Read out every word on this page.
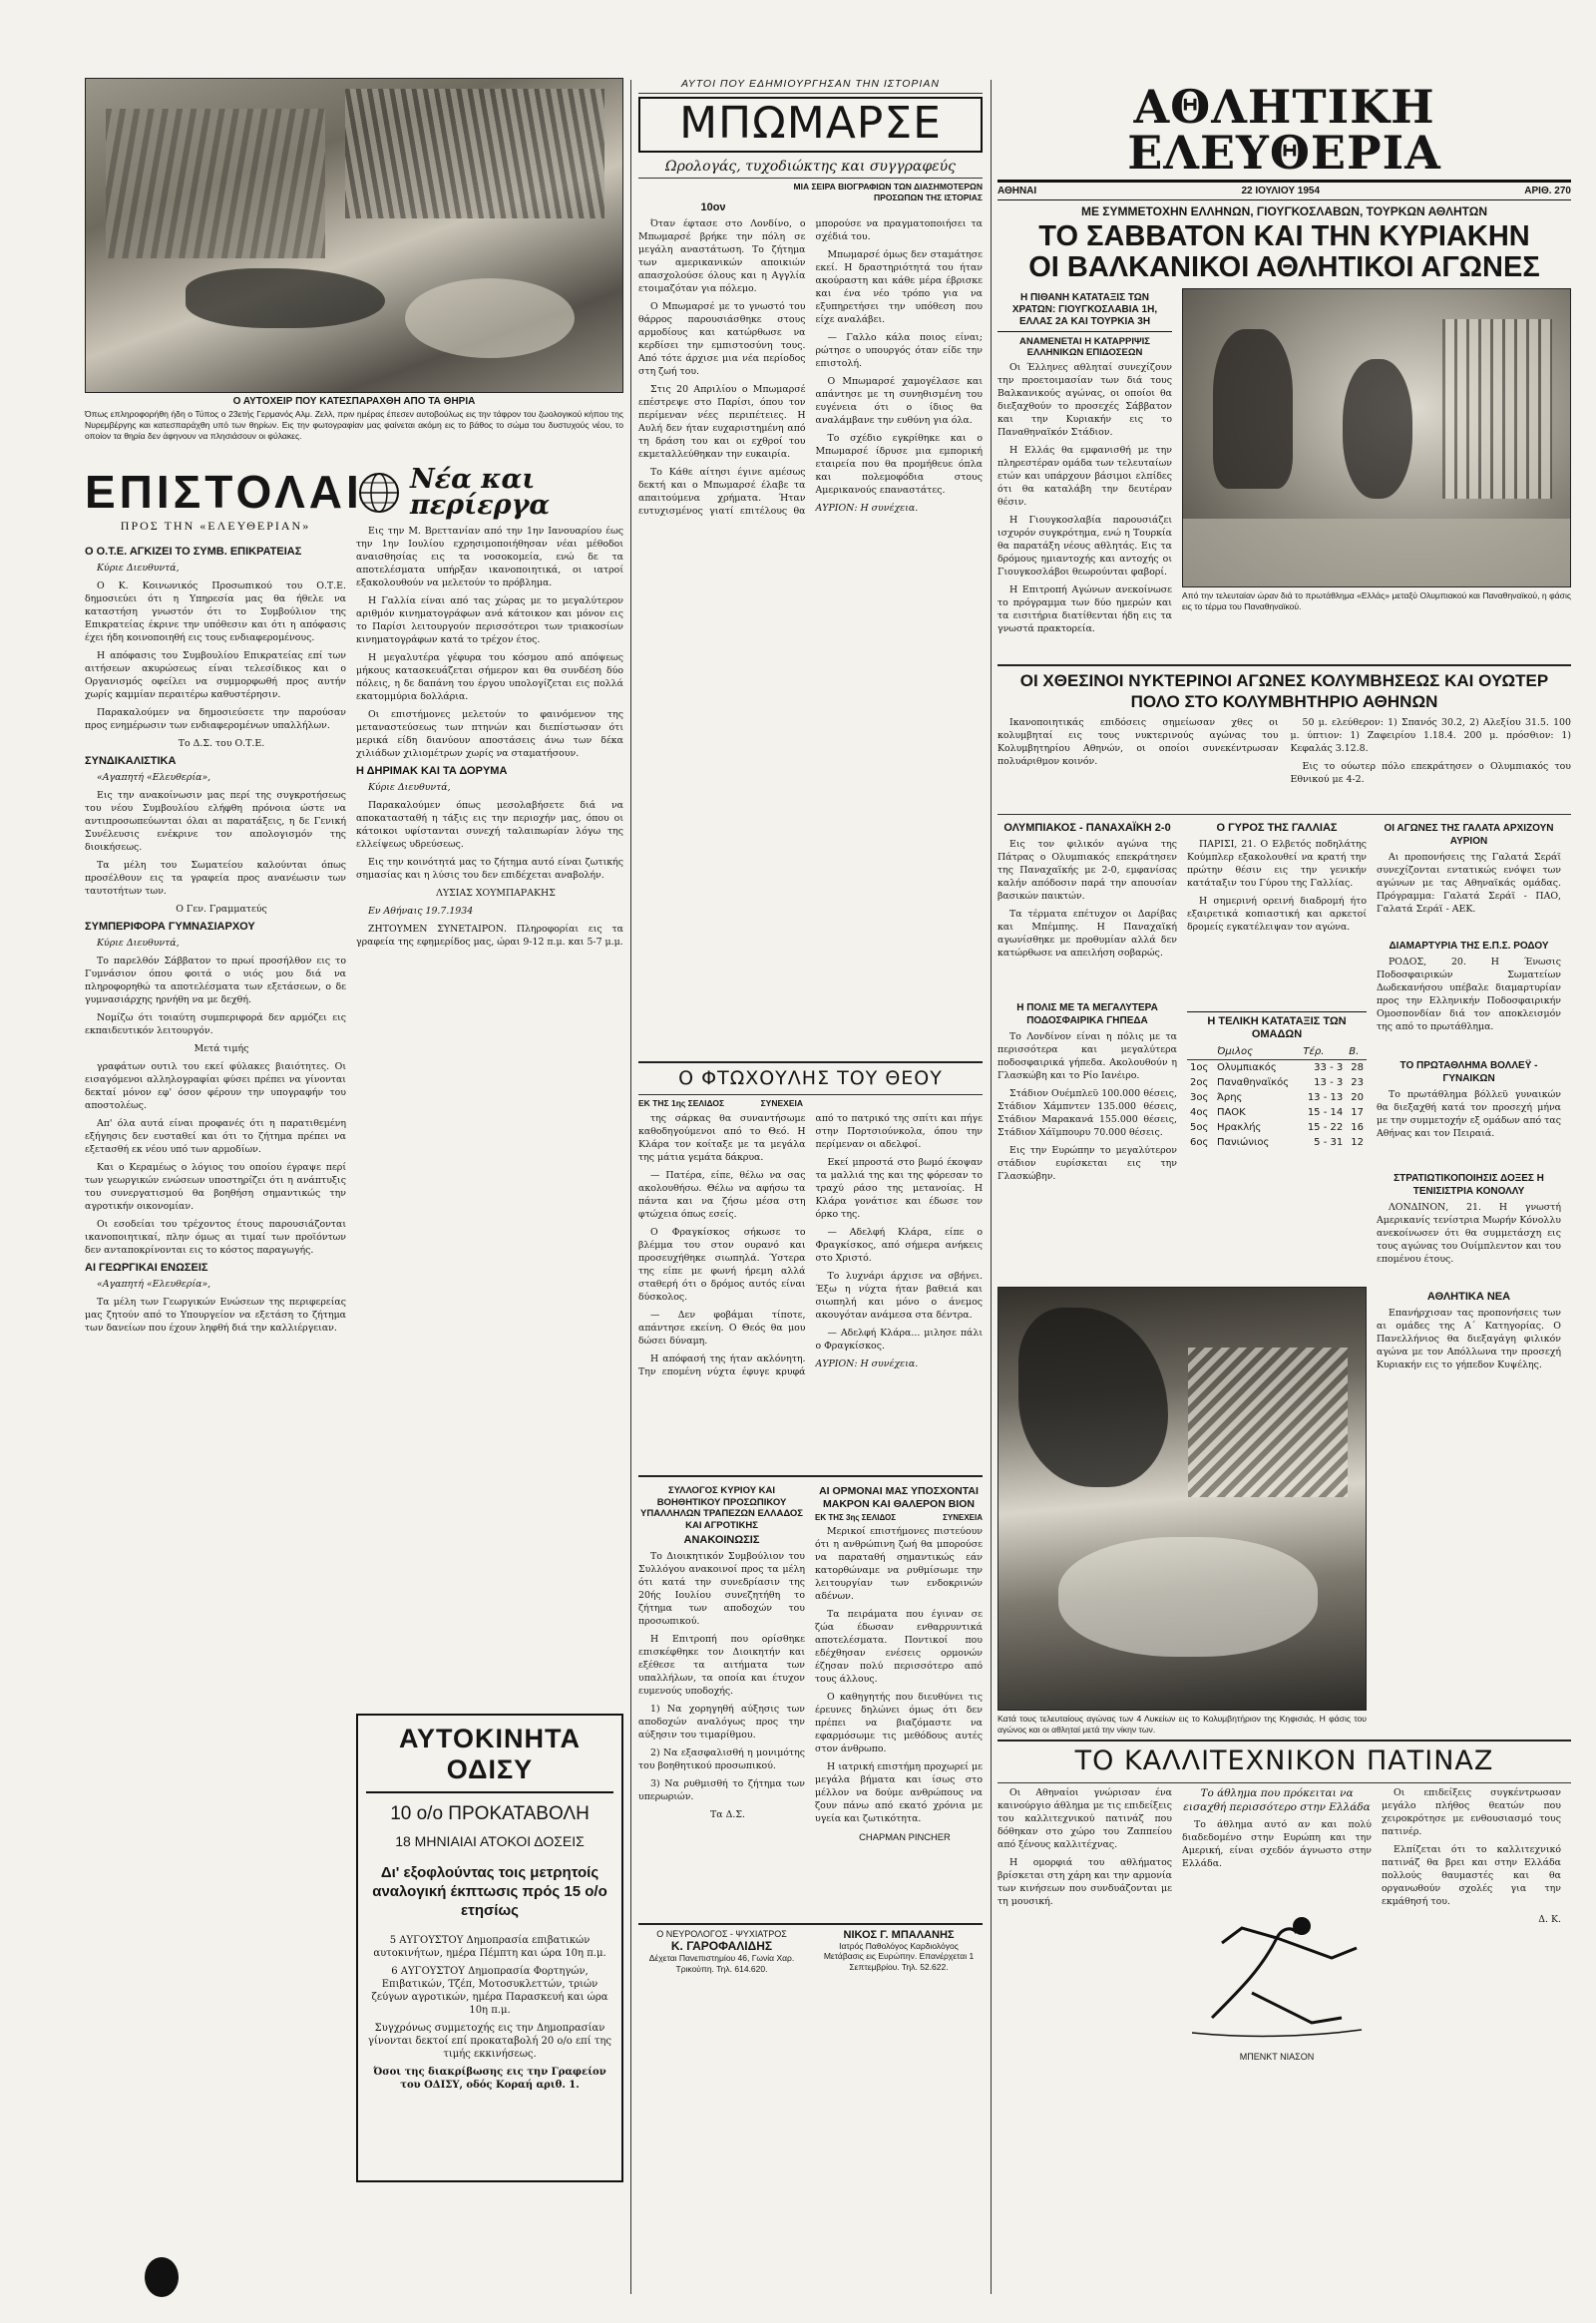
Ο ΑΥΤΟΧΕΙΡ ΠΟΥ ΚΑΤΕΣΠΑΡΑΧΘΗ ΑΠΟ ΤΑ ΘΗΡΙΑ
Όπως επληροφορήθη ήδη ο Τύπος ο 23ετής Γερμανός Αλμ. Ζελλ, πριν ημέρας έπεσεν αυτοβούλως εις την τάφρον του ζωολογικού κήπου της Νυρεμβέργης και κατεσπαράχθη υπό των θηρίων. Εις την φωτογραφίαν μας φαίνεται ακόμη εις το βάθος το σώμα του δυστυχούς νέου, το οποίον τα θηρία δεν άφηνουν να πλησιάσουν οι φύλακες.
Νέα και
περίεργα

Εις την Μ. Βρεττανίαν από την 1ην Ιανουαρίου έως την 1ην Ιουλίου εχρησιμοποιήθησαν νέαι μέθοδοι αναισθησίας εις τα νοσοκομεία, ενώ δε τα αποτελέσματα υπήρξαν ικανοποιητικά, οι ιατροί εξακολουθούν να μελετούν το πρόβλημα.

Η Γαλλία είναι από τας χώρας με το μεγαλύτερον αριθμόν κινηματογράφων ανά κάτοικον και μόνον εις το Παρίσι λειτουργούν περισσότεροι των τριακοσίων κινηματογράφων κατά το τρέχον έτος.

Η μεγαλυτέρα γέφυρα του κόσμου από απόψεως μήκους κατασκευάζεται σήμερον και θα συνδέση δύο πόλεις, η δε δαπάνη του έργου υπολογίζεται εις πολλά εκατομμύρια δολλάρια.

Οι επιστήμονες μελετούν το φαινόμενον της μεταναστεύσεως των πτηνών και διεπίστωσαν ότι μερικά είδη διανύουν αποστάσεις άνω των δέκα χιλιάδων χιλιομέτρων χωρίς να σταματήσουν.

Η ΔΗΡΙΜΑΚ ΚΑΙ ΤΑ ΔΟΡΥΜΑ

Κύριε Διευθυντά,

Παρακαλούμεν όπως μεσολαβήσετε διά να αποκατασταθή η τάξις εις την περιοχήν μας, όπου οι κάτοικοι υφίστανται συνεχή ταλαιπωρίαν λόγω της ελλείψεως υδρεύσεως.

Εις την κοινότητά μας το ζήτημα αυτό είναι ζωτικής σημασίας και η λύσις του δεν επιδέχεται αναβολήν.

ΛΥΣΙΑΣ ΧΟΥΜΠΑΡΑΚΗΣ

Εν Αθήναις 19.7.1934

ΖΗΤΟΥΜΕΝ ΣΥΝΕΤΑΙΡΟΝ. Πληροφορίαι εις τα γραφεία της εφημερίδος μας, ώραι 9-12 π.μ. και 5-7 μ.μ.

ΕΠΙΣΤΟΛΑΙ
ΠΡΟΣ ΤΗΝ «ΕΛΕΥΘΕΡΙΑΝ»
Ο Ο.Τ.Ε. ΑΓΚΙΖΕΙ ΤΟ ΣΥΜΒ. ΕΠΙΚΡΑΤΕΙΑΣ

Κύριε Διευθυντά,

Ο Κ. Κοινωνικός Προσωπικού του Ο.Τ.Ε. δημοσιεύει ότι η Υπηρεσία μας θα ήθελε να καταστήση γνωστόν ότι το Συμβούλιον της Επικρατείας έκρινε την υπόθεσιν και ότι η απόφασις έχει ήδη κοινοποιηθή εις τους ενδιαφερομένους.

Η απόφασις του Συμβουλίου Επικρατείας επί των αιτήσεων ακυρώσεως είναι τελεσίδικος και ο Οργανισμός οφείλει να συμμορφωθή προς αυτήν χωρίς καμμίαν περαιτέρω καθυστέρησιν.

Παρακαλούμεν να δημοσιεύσετε την παρούσαν προς ενημέρωσιν των ενδιαφερομένων υπαλλήλων.

Το Δ.Σ. του Ο.Τ.Ε.

ΣΥΝΔΙΚΑΛΙΣΤΙΚΑ

«Αγαπητή «Ελευθερία»,

Εις την ανακοίνωσιν μας περί της συγκροτήσεως του νέου Συμβουλίου ελήφθη πρόνοια ώστε να αντιπροσωπεύωνται όλαι αι παρατάξεις, η δε Γενική Συνέλευσις ενέκρινε τον απολογισμόν της διοικήσεως.

Τα μέλη του Σωματείου καλούνται όπως προσέλθουν εις τα γραφεία προς ανανέωσιν των ταυτοτήτων των.

Ο Γεν. Γραμματεύς

ΣΥΜΠΕΡΙΦΟΡΑ ΓΥΜΝΑΣΙΑΡΧΟΥ

Κύριε Διευθυντά,

Το παρελθόν Σάββατον το πρωί προσήλθον εις το Γυμνάσιον όπου φοιτά ο υιός μου διά να πληροφορηθώ τα αποτελέσματα των εξετάσεων, ο δε γυμνασιάρχης ηρνήθη να με δεχθή.

Νομίζω ότι τοιαύτη συμπεριφορά δεν αρμόζει εις εκπαιδευτικόν λειτουργόν.

Μετά τιμής

γραφάτων ουτιλ του εκεί φύλακες βιαιότητες. Οι εισαγόμενοι αλληλογραφίαι φύσει πρέπει να γίνονται δεκταί μόνον εφ' όσον φέρουν την υπογραφήν του αποστολέως.

Απ' όλα αυτά είναι προφανές ότι η παρατιθεμένη εξήγησις δεν ευσταθεί και ότι το ζήτημα πρέπει να εξετασθή εκ νέου υπό των αρμοδίων.

Και ο Κεραμέως ο λόγιος του οποίου έγραψε περί των γεωργικών ενώσεων υποστηρίζει ότι η ανάπτυξις του συνεργατισμού θα βοηθήση σημαντικώς την αγροτικήν οικονομίαν.

Οι εσοδείαι του τρέχοντος έτους παρουσιάζονται ικανοποιητικαί, πλην όμως αι τιμαί των προϊόντων δεν ανταποκρίνονται εις το κόστος παραγωγής.

ΑΙ ΓΕΩΡΓΙΚΑΙ ΕΝΩΣΕΙΣ

«Αγαπητή «Ελευθερία»,

Τα μέλη των Γεωργικών Ενώσεων της περιφερείας μας ζητούν από το Υπουργείον να εξετάση το ζήτημα των δανείων που έχουν ληφθή διά την καλλιέργειαν.

ΑΥΤΟΚΙΝΗΤΑ ΟΔΙΣΥ
10 ο/ο ΠΡΟΚΑΤΑΒΟΛΗ
18 ΜΗΝΙΑΙΑΙ ΑΤΟΚΟΙ ΔΟΣΕΙΣ
Δι' εξοφλούντας τοις μετρητοίς αναλογική έκπτωσις πρός 15 ο/ο ετησίως

5 ΑΥΓΟΥΣΤΟΥ Δημοπρασία επιβατικών αυτοκινήτων, ημέρα Πέμπτη και ώρα 10η π.μ.

6 ΑΥΓΟΥΣΤΟΥ Δημοπρασία Φορτηγών, Επιβατικών, Τζέπ, Μοτοσυκλεττών, τριών ζεύγων αγροτικών, ημέρα Παρασκευή και ώρα 10η π.μ.

Συγχρόνως συμμετοχής εις την Δημοπρασίαν γίνονται δεκτοί επί προκαταβολή 20 ο/ο επί της τιμής εκκινήσεως.

Όσοι της διακρίβωσης εις την Γραφείον του ΟΔΙΣΥ, οδός Κοραή αριθ. 1.

ΑΥΤΟΙ ΠΟΥ ΕΔΗΜΙΟΥΡΓΗΣΑΝ ΤΗΝ ΙΣΤΟΡΙΑΝ
ΜΠΩΜΑΡΣΕ
Ωρολογάς, τυχοδιώκτης και συγγραφεύς
ΜΙΑ ΣΕΙΡΑ ΒΙΟΓΡΑΦΙΩΝ ΤΩΝ ΔΙΑΣΗΜΟΤΕΡΩΝ ΠΡΟΣΩΠΩΝ ΤΗΣ ΙΣΤΟΡΙΑΣ
10ον

Όταν έφτασε στο Λονδίνο, ο Μπωμαρσέ βρήκε την πόλη σε μεγάλη αναστάτωση. Το ζήτημα των αμερικανικών αποικιών απασχολούσε όλους και η Αγγλία ετοιμαζόταν για πόλεμο.

Ο Μπωμαρσέ με το γνωστό του θάρρος παρουσιάσθηκε στους αρμοδίους και κατώρθωσε να κερδίσει την εμπιστοσύνη τους. Από τότε άρχισε μια νέα περίοδος στη ζωή του.

Στις 20 Απριλίου ο Μπωμαρσέ επέστρεψε στο Παρίσι, όπου τον περίμεναν νέες περιπέτειες. Η Αυλή δεν ήταν ευχαριστημένη από τη δράση του και οι εχθροί του εκμεταλλεύθηκαν την ευκαιρία.

Το Κάθε αίτησι έγινε αμέσως δεκτή και ο Μπωμαρσέ έλαβε τα απαιτούμενα χρήματα. Ήταν ευτυχισμένος γιατί επιτέλους θα μπορούσε να πραγματοποιήσει τα σχέδιά του.

Μπωμαρσέ όμως δεν σταμάτησε εκεί. Η δραστηριότητά του ήταν ακούραστη και κάθε μέρα έβρισκε και ένα νέο τρόπο για να εξυπηρετήσει την υπόθεση που είχε αναλάβει.

— Γαλλο κάλα ποιος είναι; ρώτησε ο υπουργός όταν είδε την επιστολή.

Ο Μπωμαρσέ χαμογέλασε και απάντησε με τη συνηθισμένη του ευγένεια ότι ο ίδιος θα αναλάμβανε την ευθύνη για όλα.

Το σχέδιο εγκρίθηκε και ο Μπωμαρσέ ίδρυσε μια εμπορική εταιρεία που θα προμήθευε όπλα και πολεμοφόδια στους Αμερικανούς επαναστάτες.

ΑΥΡΙΟΝ: Η συνέχεια.

Ο ΦΤΩΧΟΥΛΗΣ ΤΟΥ ΘΕΟΥ
ΕΚ ΤΗΣ 1ης ΣΕΛΙΔΟΣ	ΣΥΝΕΧΕΙΑ

της σάρκας θα συναντήσωμε καθοδηγούμενοι από το Θεό. Η Κλάρα τον κοίταξε με τα μεγάλα της μάτια γεμάτα δάκρυα.

— Πατέρα, είπε, θέλω να σας ακολουθήσω. Θέλω να αφήσω τα πάντα και να ζήσω μέσα στη φτώχεια όπως εσείς.

Ο Φραγκίσκος σήκωσε το βλέμμα του στον ουρανό και προσευχήθηκε σιωπηλά. Ύστερα της είπε με φωνή ήρεμη αλλά σταθερή ότι ο δρόμος αυτός είναι δύσκολος.

— Δεν φοβάμαι τίποτε, απάντησε εκείνη. Ο Θεός θα μου δώσει δύναμη.

Η απόφασή της ήταν ακλόνητη. Την επομένη νύχτα έφυγε κρυφά από το πατρικό της σπίτι και πήγε στην Πορτσιούνκολα, όπου την περίμεναν οι αδελφοί.

Εκεί μπροστά στο βωμό έκοψαν τα μαλλιά της και της φόρεσαν το τραχύ ράσο της μετανοίας. Η Κλάρα γονάτισε και έδωσε τον όρκο της.

— Αδελφή Κλάρα, είπε ο Φραγκίσκος, από σήμερα ανήκεις στο Χριστό.

Το λυχνάρι άρχισε να σβήνει. Έξω η νύχτα ήταν βαθειά και σιωπηλή και μόνο ο άνεμος ακουγόταν ανάμεσα στα δέντρα.

— Αδελφή Κλάρα... μιλησε πάλι ο Φραγκίσκος.

ΑΥΡΙΟΝ: Η συνέχεια.

ΣΥΛΛΟΓΟΣ ΚΥΡΙΟΥ ΚΑΙ ΒΟΗΘΗΤΙΚΟΥ ΠΡΟΣΩΠΙΚΟΥ ΥΠΑΛΛΗΛΩΝ ΤΡΑΠΕΖΩΝ ΕΛΛΑΔΟΣ ΚΑΙ ΑΓΡΟΤΙΚΗΣ
ΑΝΑΚΟΙΝΩΣΙΣ

Το Διοικητικόν Συμβούλιον του Συλλόγου ανακοινοί προς τα μέλη ότι κατά την συνεδρίασιν της 20ής Ιουλίου συνεζητήθη το ζήτημα των αποδοχών του προσωπικού.

Η Επιτροπή που ορίσθηκε επισκέφθηκε τον Διοικητήν και εξέθεσε τα αιτήματα των υπαλλήλων, τα οποία και έτυχον ευμενούς υποδοχής.

1) Να χορηγηθή αύξησις των αποδοχών αναλόγως προς την αύξησιν του τιμαρίθμου.

2) Να εξασφαλισθή η μονιμότης του βοηθητικού προσωπικού.

3) Να ρυθμισθή το ζήτημα των υπερωριών.

Τα Δ.Σ.

ΑΙ ΟΡΜΟΝΑΙ ΜΑΣ ΥΠΟΣΧΟΝΤΑΙ ΜΑΚΡΟΝ ΚΑΙ ΘΑΛΕΡΟΝ ΒΙΟΝ
ΕΚ ΤΗΣ 3ης ΣΕΛΙΔΟΣ	ΣΥΝΕΧΕΙΑ

Μερικοί επιστήμονες πιστεύουν ότι η ανθρώπινη ζωή θα μπορούσε να παραταθή σημαντικώς εάν κατορθώναμε να ρυθμίσωμε την λειτουργίαν των ενδοκρινών αδένων.

Τα πειράματα που έγιναν σε ζώα έδωσαν ενθαρρυντικά αποτελέσματα. Ποντικοί που εδέχθησαν ενέσεις ορμονών έζησαν πολύ περισσότερο από τους άλλους.

Ο καθηγητής που διευθύνει τις έρευνες δηλώνει όμως ότι δεν πρέπει να βιαζόμαστε να εφαρμόσωμε τις μεθόδους αυτές στον άνθρωπο.

Η ιατρική επιστήμη προχωρεί με μεγάλα βήματα και ίσως στο μέλλον να δούμε ανθρώπους να ζουν πάνω από εκατό χρόνια με υγεία και ζωτικότητα.

CHAPMAN PINCHER

Ο ΝΕΥΡΟΛΟΓΟΣ - ΨΥΧΙΑΤΡΟΣ
Κ. ΓΑΡΟΦΑΛΙΔΗΣ
Δέχεται Πανεπιστημίου 46, Γωνία Χαρ. Τρικούπη. Τηλ. 614.620.
ΝΙΚΟΣ Γ. ΜΠΑΛΑΝΗΣ
Ιατρός Παθολόγος Καρδιολόγος
Μετάβασις εις Ευρώπην. Επανέρχεται 1 Σεπτεμβρίου. Τηλ. 52.622.
ΑΘΛΗΤΙΚΗ ΕΛΕΥΘΕΡΙΑ
ΑΘΗΝΑΙ	22 ΙΟΥΛΙΟΥ 1954	ΑΡΙΘ. 270
ΜΕ ΣΥΜΜΕΤΟΧΗΝ ΕΛΛΗΝΩΝ, ΓΙΟΥΓΚΟΣΛΑΒΩΝ, ΤΟΥΡΚΩΝ ΑΘΛΗΤΩΝ
ΤΟ ΣΑΒΒΑΤΟΝ ΚΑΙ ΤΗΝ ΚΥΡΙΑΚΗΝ
ΟΙ ΒΑΛΚΑΝΙΚΟΙ ΑΘΛΗΤΙΚΟΙ ΑΓΩΝΕΣ
Η ΠΙΘΑΝΗ ΚΑΤΑΤΑΞΙΣ ΤΩΝ ΧΡΑΤΩΝ: ΓΙΟΥΓΚΟΣΛΑΒΙΑ 1Η, ΕΛΛΑΣ 2Α ΚΑΙ ΤΟΥΡΚΙΑ 3Η
ΑΝΑΜΕΝΕΤΑΙ Η ΚΑΤΑΡΡΙΨΙΣ ΕΛΛΗΝΙΚΩΝ ΕΠΙΔΟΣΕΩΝ

Οι Έλληνες αθληταί συνεχίζουν την προετοιμασίαν των διά τους Βαλκανικούς αγώνας, οι οποίοι θα διεξαχθούν το προσεχές Σάββατον και την Κυριακήν εις το Παναθηναϊκόν Στάδιον.

Η Ελλάς θα εμφανισθή με την πληρεστέραν ομάδα των τελευταίων ετών και υπάρχουν βάσιμοι ελπίδες ότι θα καταλάβη την δευτέραν θέσιν.

Η Γιουγκοσλαβία παρουσιάζει ισχυρόν συγκρότημα, ενώ η Τουρκία θα παρατάξη νέους αθλητάς. Εις τα δρόμους ημιαντοχής και αντοχής οι Γιουγκοσλάβοι θεωρούνται φαβορί.

Η Επιτροπή Αγώνων ανεκοίνωσε το πρόγραμμα των δύο ημερών και τα εισιτήρια διατίθενται ήδη εις τα γνωστά πρακτορεία.

Από την τελευταίαν ώραν διά το πρωτάθλημα «Ελλάς» μεταξύ Ολυμπιακού και Παναθηναϊκού, η φάσις εις το τέρμα του Παναθηναϊκού.
ΟΙ ΧΘΕΣΙΝΟΙ ΝΥΚΤΕΡΙΝΟΙ ΑΓΩΝΕΣ ΚΟΛΥΜΒΗΣΕΩΣ ΚΑΙ ΟΥΩΤΕΡ ΠΟΛΟ ΣΤΟ ΚΟΛΥΜΒΗΤΗΡΙΟ ΑΘΗΝΩΝ

Ικανοποιητικάς επιδόσεις σημείωσαν χθες οι κολυμβηταί εις τους νυκτερινούς αγώνας του Κολυμβητηρίου Αθηνών, οι οποίοι συνεκέντρωσαν πολυάριθμον κοινόν.

50 μ. ελεύθερον: 1) Σπανός 30.2, 2) Αλεξίου 31.5. 100 μ. ύπτιον: 1) Ζαφειρίου 1.18.4. 200 μ. πρόσθιον: 1) Κεφαλάς 3.12.8.

Εις το ούωτερ πόλο επεκράτησεν ο Ολυμπιακός του Εθνικού με 4-2.

ΟΛΥΜΠΙΑΚΟΣ - ΠΑΝΑΧΑΪΚΗ 2-0

Εις τον φιλικόν αγώνα της Πάτρας ο Ολυμπιακός επεκράτησεν της Παναχαϊκής με 2-0, εμφανίσας καλήν απόδοσιν παρά την απουσίαν βασικών παικτών.

Τα τέρματα επέτυχον οι Δαρίβας και Μπέμπης. Η Παναχαϊκή αγωνίσθηκε με προθυμίαν αλλά δεν κατώρθωσε να απειλήση σοβαρώς.

Η ΠΟΛΙΣ ΜΕ ΤΑ ΜΕΓΑΛΥΤΕΡΑ ΠΟΔΟΣΦΑΙΡΙΚΑ ΓΗΠΕΔΑ

Το Λονδίνον είναι η πόλις με τα περισσότερα και μεγαλύτερα ποδοσφαιρικά γήπεδα. Ακολουθούν η Γλασκώβη και το Ρίο Ιανέιρο.

Στάδιον Ουέμπλεϋ 100.000 θέσεις, Στάδιον Χάμπντεν 135.000 θέσεις, Στάδιον Μαρακανά 155.000 θέσεις, Στάδιον Χάϊμπουρυ 70.000 θέσεις.

Εις την Ευρώπην το μεγαλύτερον στάδιον ευρίσκεται εις την Γλασκώβην.

Ο ΓΥΡΟΣ ΤΗΣ ΓΑΛΛΙΑΣ

ΠΑΡΙΣΙ, 21. Ο Ελβετός ποδηλάτης Κούμπλερ εξακολουθεί να κρατή την πρώτην θέσιν εις την γενικήν κατάταξιν του Γύρου της Γαλλίας.

Η σημερινή ορεινή διαδρομή ήτο εξαιρετικά κοπιαστική και αρκετοί δρομείς εγκατέλειψαν τον αγώνα.

Η ΤΕΛΙΚΗ ΚΑΤΑΤΑΞΙΣ ΤΩΝ ΟΜΑΔΩΝ
	Όμιλος	Τέρ.	Β.
1ος	Ολυμπιακός	33 - 3	28
2ος	Παναθηναϊκός	13 - 3	23
3ος	Άρης	13 - 13	20
4ος	ΠΑΟΚ	15 - 14	17
5ος	Ηρακλής	15 - 22	16
6ος	Πανιώνιος	5 - 31	12
ΟΙ ΑΓΩΝΕΣ ΤΗΣ ΓΑΛΑΤΑ ΑΡΧΙΖΟΥΝ ΑΥΡΙΟΝ

Αι προπονήσεις της Γαλατά Σεράϊ συνεχίζονται εντατικώς ενόψει των αγώνων με τας Αθηναϊκάς ομάδας. Πρόγραμμα: Γαλατά Σεράϊ - ΠΑΟ, Γαλατά Σεράϊ - ΑΕΚ.

ΔΙΑΜΑΡΤΥΡΙΑ ΤΗΣ Ε.Π.Σ. ΡΟΔΟΥ

ΡΟΔΟΣ, 20. Η Ένωσις Ποδοσφαιρικών Σωματείων Δωδεκανήσου υπέβαλε διαμαρτυρίαν προς την Ελληνικήν Ποδοσφαιρικήν Ομοσπονδίαν διά τον αποκλεισμόν της από το πρωτάθλημα.

ΤΟ ΠΡΩΤΑΘΛΗΜΑ ΒΟΛΛΕΫ - ΓΥΝΑΙΚΩΝ

Το πρωτάθλημα βόλλεϋ γυναικών θα διεξαχθή κατά τον προσεχή μήνα με την συμμετοχήν εξ ομάδων από τας Αθήνας και τον Πειραιά.

ΣΤΡΑΤΙΩΤΙΚΟΠΟΙΗΣΙΣ ΔΟΞΕΣ Η ΤΕΝΙΣΙΣΤΡΙΑ ΚΟΝΟΛΛΥ

ΛΟΝΔΙΝΟΝ, 21. Η γνωστή Αμερικανίς τενίστρια Μωρήν Κόνολλυ ανεκοίνωσεν ότι θα συμμετάσχη εις τους αγώνας του Ουίμπλεντον και του επομένου έτους.

Κατά τους τελευταίους αγώνας των 4 Λυκείων εις το Κολυμβητήριον της Κηφισιάς. Η φάσις του αγώνος και οι αθληταί μετά την νίκην των.
ΑΘΛΗΤΙΚΑ ΝΕΑ

Επανήρχισαν τας προπονήσεις των αι ομάδες της Α΄ Κατηγορίας. Ο Πανελλήνιος θα διεξαγάγη φιλικόν αγώνα με τον Απόλλωνα την προσεχή Κυριακήν εις το γήπεδον Κυψέλης.

ΤΟ ΚΑΛΛΙΤΕΧΝΙΚΟΝ ΠΑΤΙΝΑΖ

Οι Αθηναίοι γνώρισαν ένα καινούργιο άθλημα με τις επιδείξεις του καλλιτεχνικού πατινάζ που δόθηκαν στο χώρο του Ζαππείου από ξένους καλλιτέχνας.

Η ομορφιά του αθλήματος βρίσκεται στη χάρη και την αρμονία των κινήσεων που συνδυάζονται με τη μουσική.

Το άθλημα που πρόκειται να εισαχθή περισσότερο στην Ελλάδα

Το άθλημα αυτό αν και πολύ διαδεδομένο στην Ευρώπη και την Αμερική, είναι σχεδόν άγνωστο στην Ελλάδα.

ΜΠΕΝΚΤ ΝΙΑΣΟΝ

Οι επιδείξεις συγκέντρωσαν μεγάλο πλήθος θεατών που χειροκρότησε με ενθουσιασμό τους πατινέρ.

Ελπίζεται ότι το καλλιτεχνικό πατινάζ θα βρει και στην Ελλάδα πολλούς θαυμαστές και θα οργανωθούν σχολές για την εκμάθησή του.

Δ. Κ.
